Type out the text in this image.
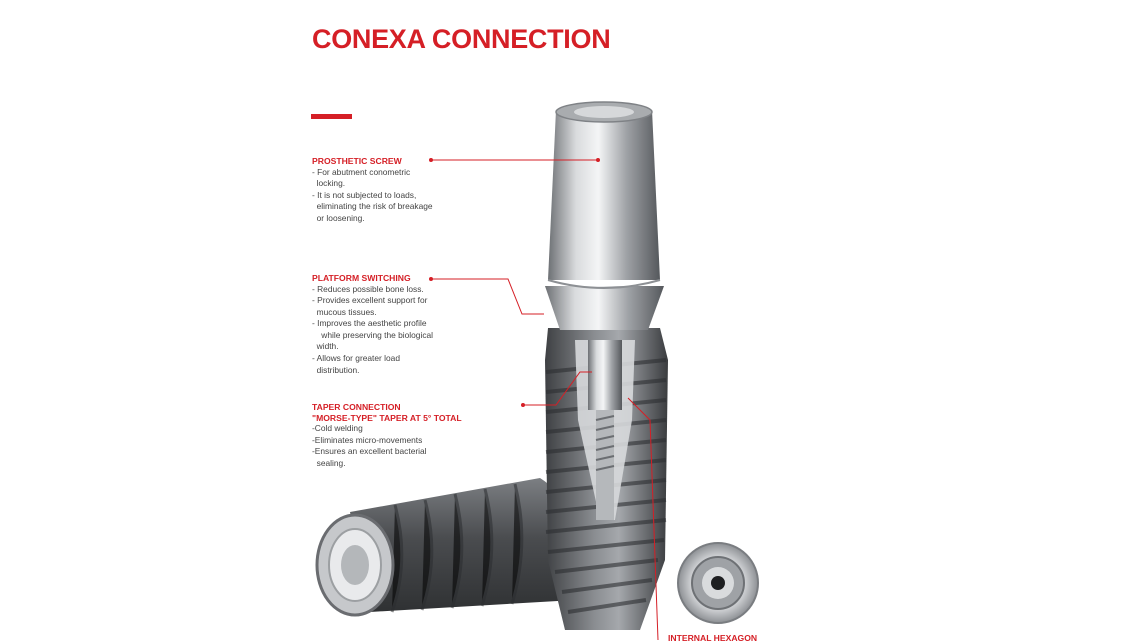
CONEXA CONNECTION
PROSTHETIC SCREW
- For abutment conometric
locking.
- It is not subjected to loads,
eliminating the risk of breakage
or loosening.
PLATFORM SWITCHING
- Reduces possible bone loss.
- Provides excellent support for
mucous tissues.
- Improves the aesthetic profile
while preserving the biological
width.
- Allows for greater load
distribution.
TAPER CONNECTION
"MORSE-TYPE" TAPER AT 5° TOTAL
-Cold welding
-Eliminates micro-movements
-Ensures an excellent bacterial
sealing.
INTERNAL HEXAGON
